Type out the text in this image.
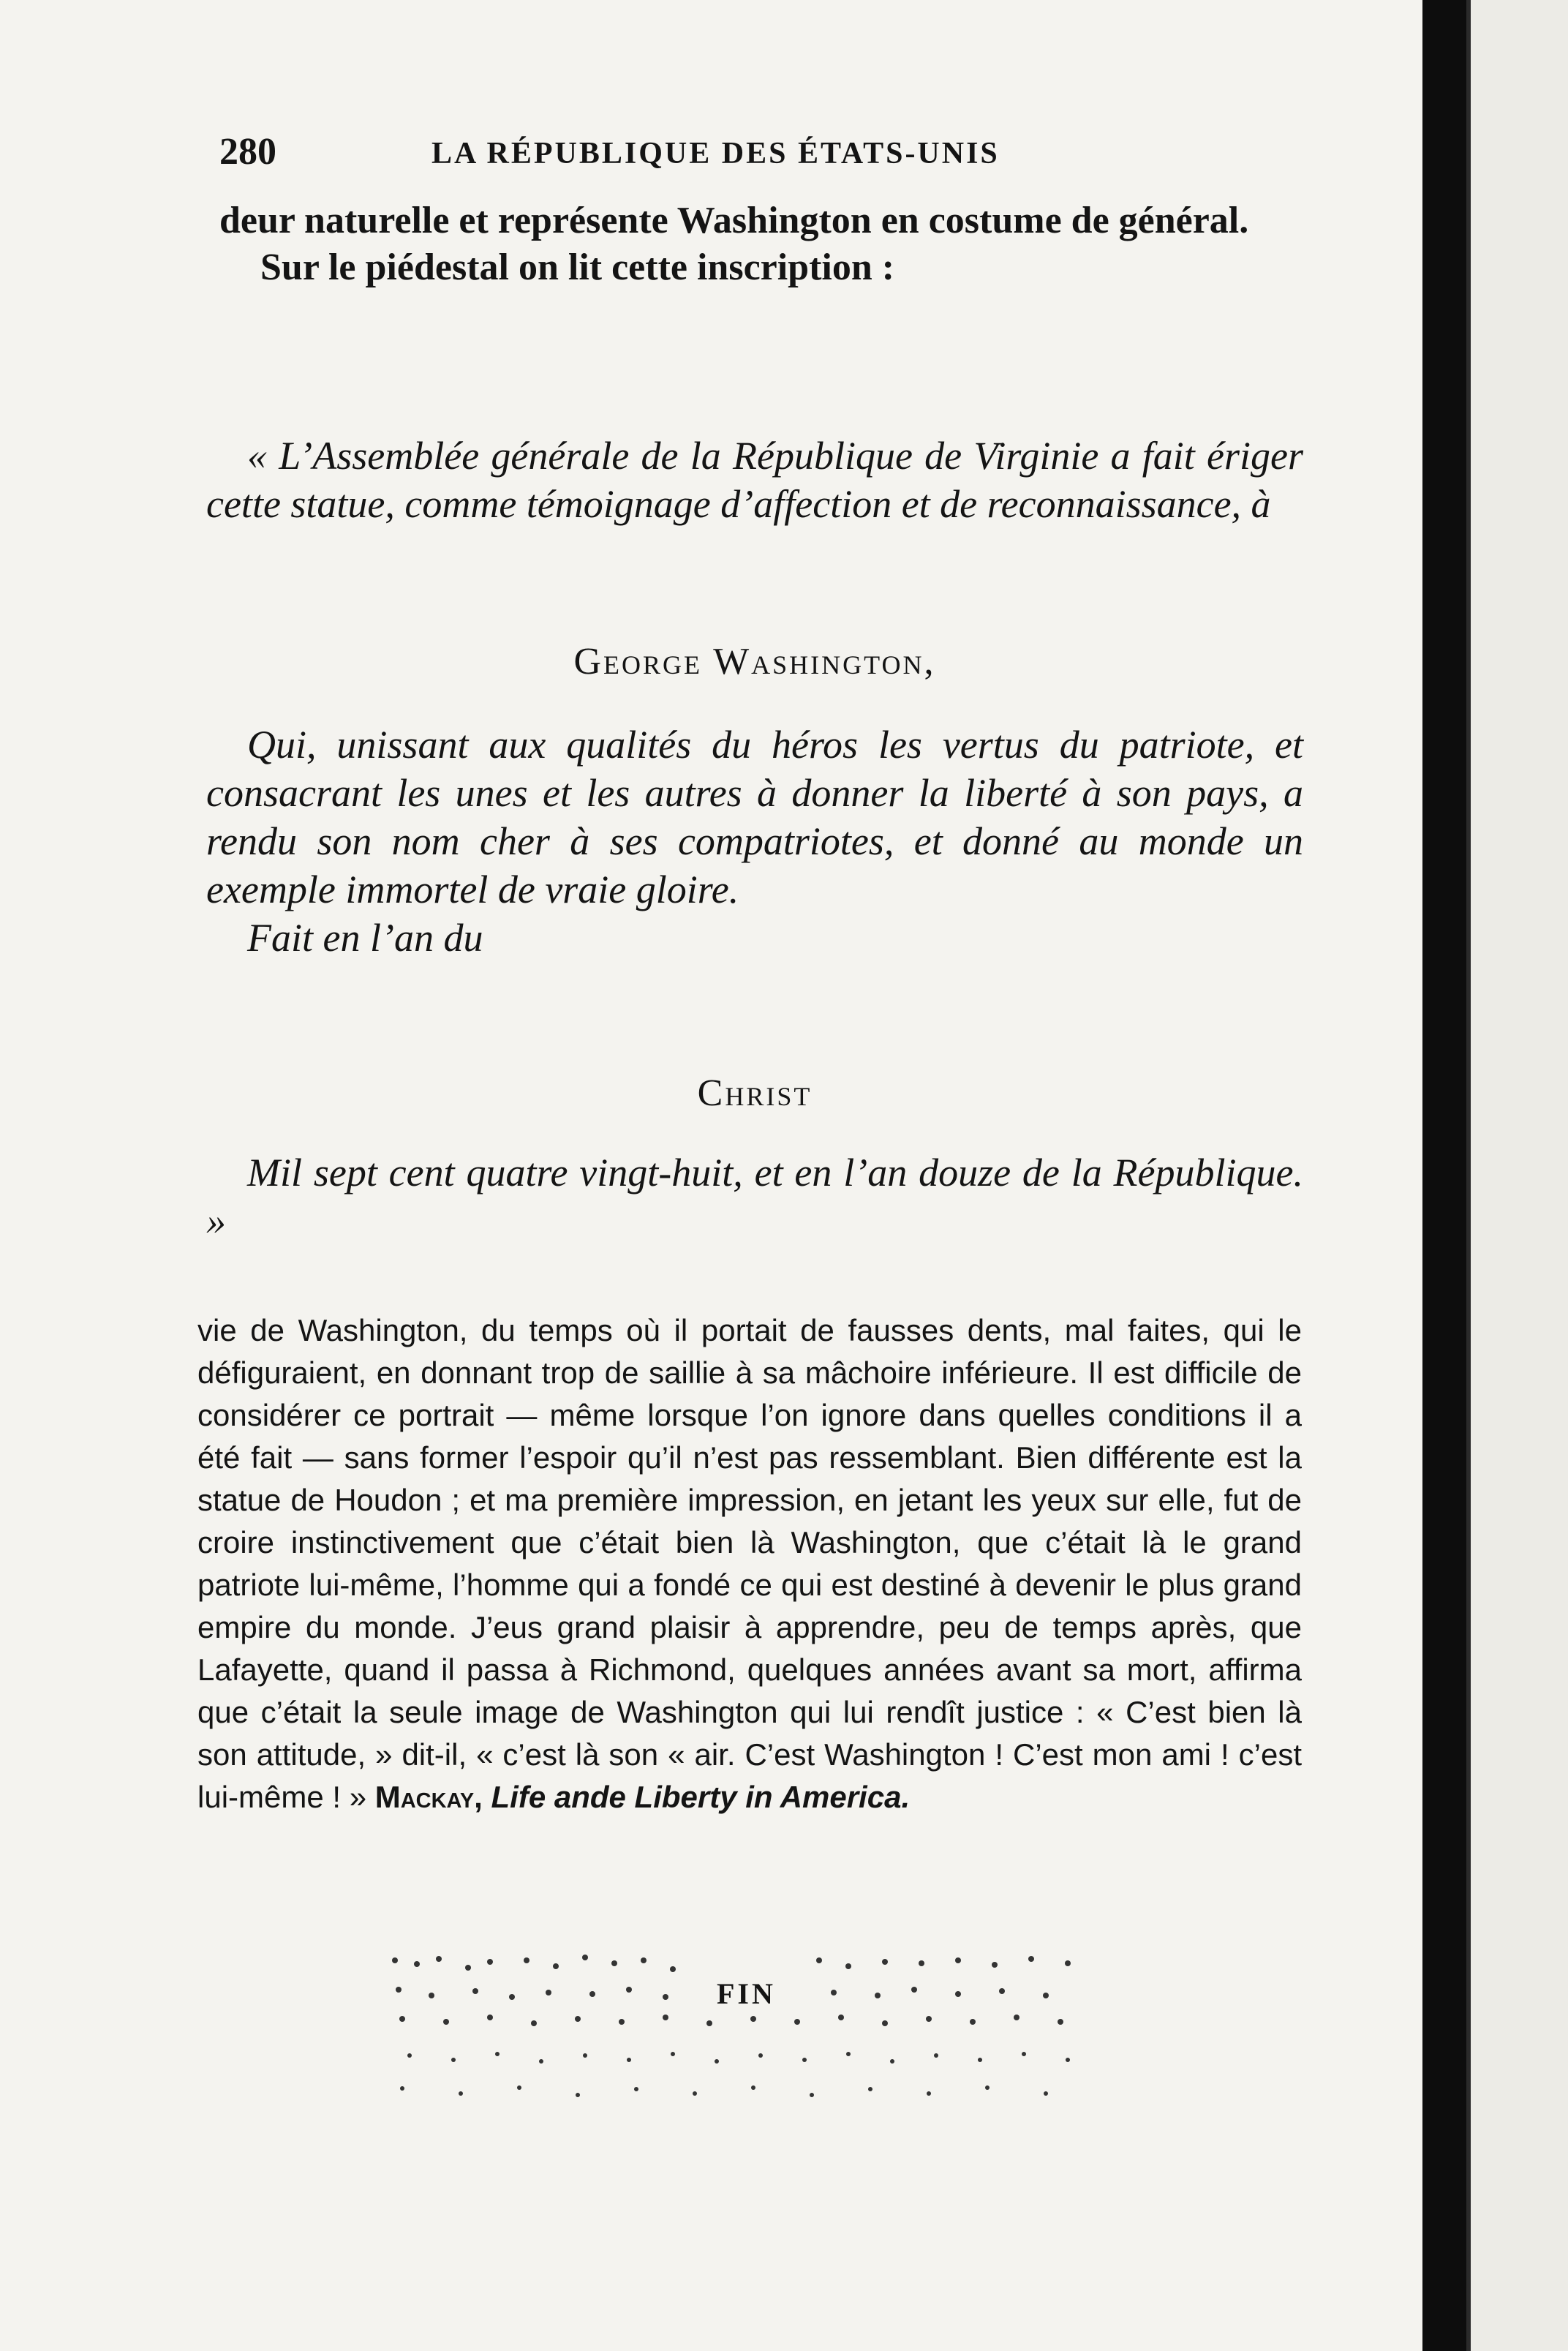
280	LA RÉPUBLIQUE DES ÉTATS-UNIS

deur naturelle et représente Washington en costume de général.

Sur le piédestal on lit cette inscription :

« L’Assemblée générale de la République de Virginie a fait ériger cette statue, comme témoignage d’affection et de reconnaissance, à

George Washington,

Qui, unissant aux qualités du héros les vertus du patriote, et consacrant les unes et les autres à donner la liberté à son pays, a rendu son nom cher à ses compatriotes, et donné au monde un exemple immortel de vraie gloire.

Fait en l’an du

Christ

Mil sept cent quatre vingt-huit, et en l’an douze de la République. »

vie de Washington, du temps où il portait de fausses dents, mal faites, qui le défiguraient, en donnant trop de saillie à sa mâchoire inférieure. Il est difficile de considérer ce portrait — même lorsque l’on ignore dans quelles conditions il a été fait — sans former l’espoir qu’il n’est pas ressemblant. Bien différente est la statue de Houdon ; et ma première impression, en jetant les yeux sur elle, fut de croire instinctivement que c’était bien là Washington, que c’était là le grand patriote lui-même, l’homme qui a fondé ce qui est destiné à devenir le plus grand empire du monde. J’eus grand plaisir à apprendre, peu de temps après, que Lafayette, quand il passa à Richmond, quelques années avant sa mort, affirma que c’était la seule image de Washington qui lui rendît justice : « C’est bien là son attitude, » dit-il, « c’est là son « air. C’est Washington ! C’est mon ami ! c’est lui-même ! » Mackay, Life ande Liberty in America.

FIN
